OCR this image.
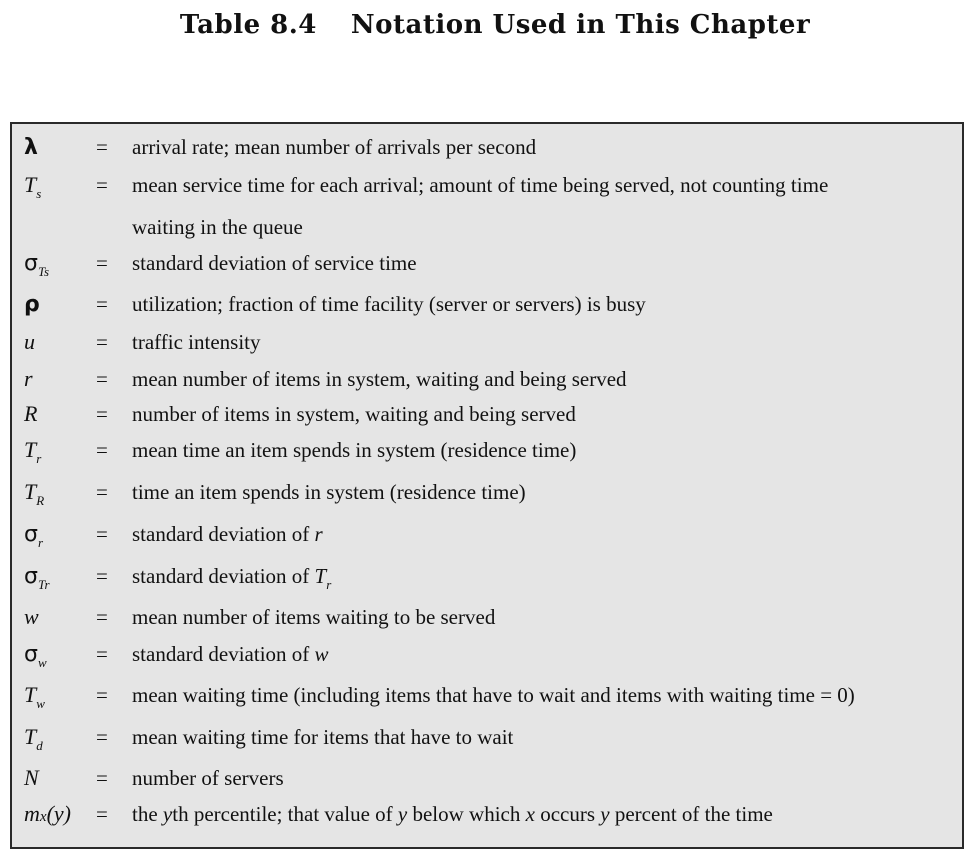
Table 8.4 Notation Used in This Chapter
λ	= arrival rate; mean number of arrivals per second
$T_s$	= mean service time for each arrival; amount of time being served, not counting time
waiting in the queue
$\sigma_{Ts}$ = standard deviation of service time
ρ	= utilization; fraction of time facility (server or servers) is busy
u	= traffic intensity
r	= mean number of items in system, waiting and being served
R	= number of items in system, waiting and being served
$T_r$	= mean time an item spends in system (residence time)
$T_R$ = time an item spends in system (residence time)
$\sigma_r$	= standard deviation of r
$\sigma_{Tr}$ = standard deviation of $T_r$
w	= mean number of items waiting to be served
$\sigma_w$ = standard deviation of w
$T_w$ = mean waiting time (including items that have to wait and items with waiting time = 0)
$T_d$	= mean waiting time for items that have to wait
N	= number of servers
mx(y) = the yth percentile; that value of y below which x occurs y percent of the time
